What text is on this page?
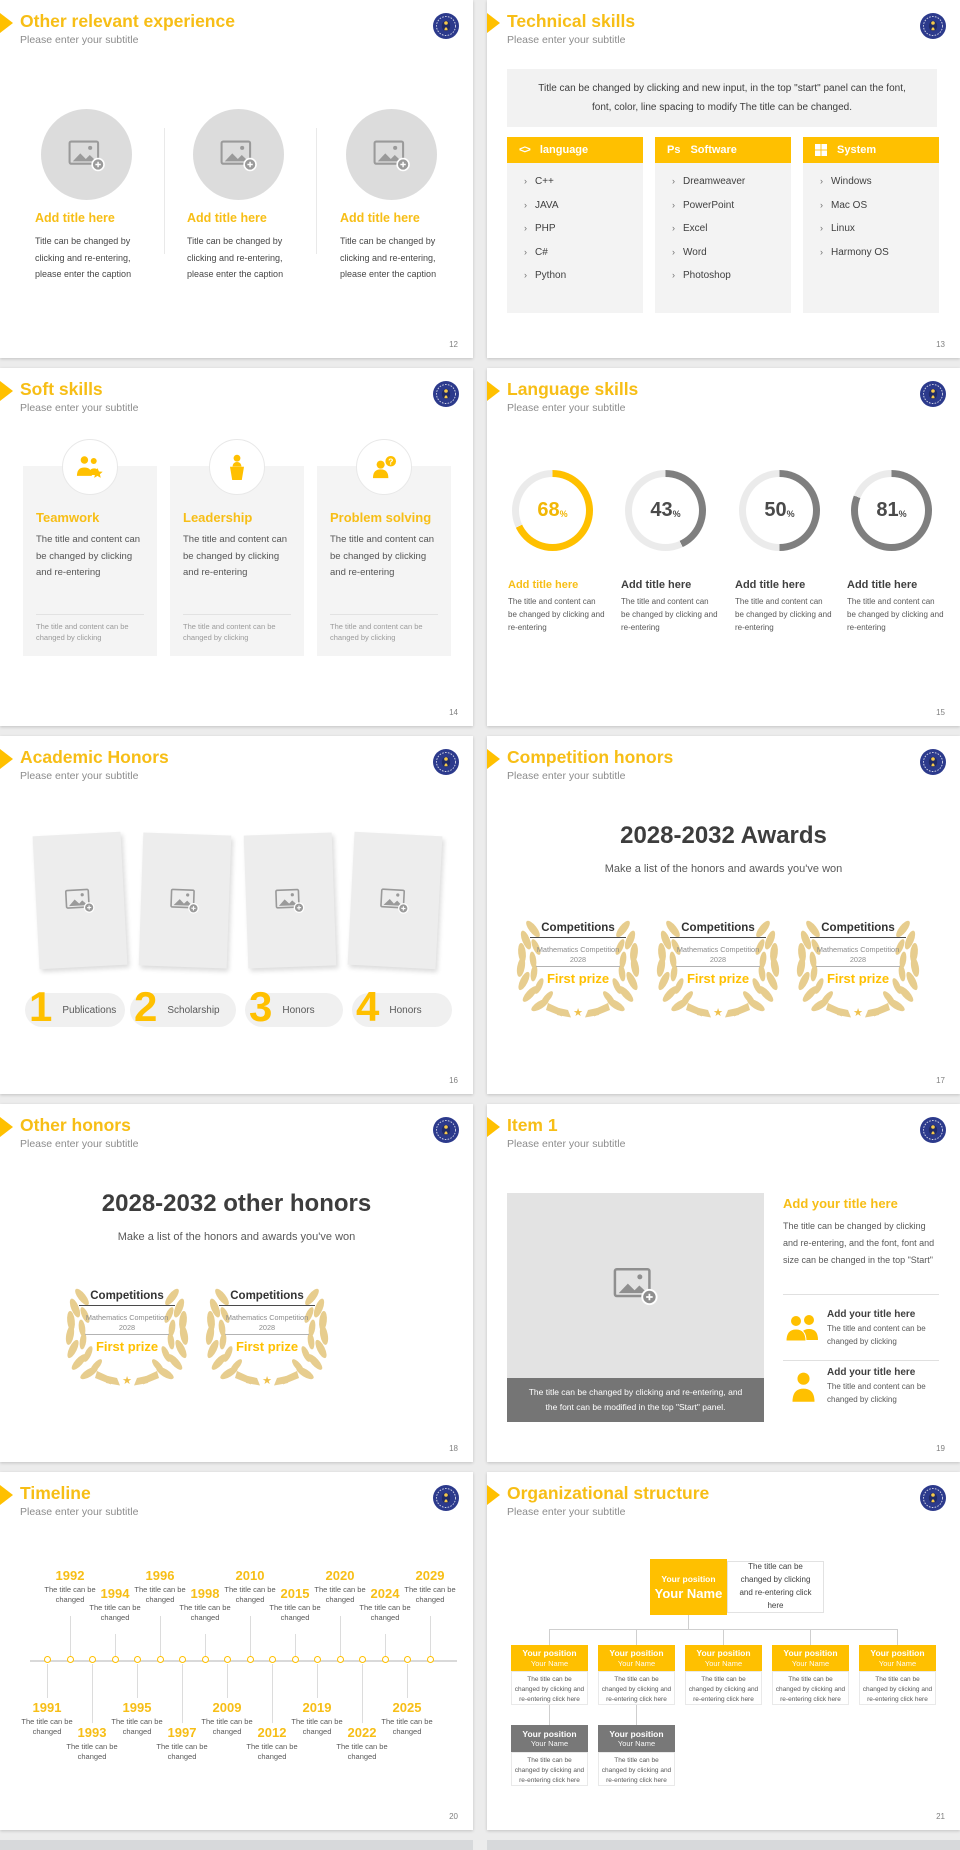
Other relevant experience
Please enter your subtitle
Add title here	Add title here	Add title here
Title can be changed by clicking and re-entering, please enter the caption
Title can be changed by clicking and re-entering, please enter the caption
Title can be changed by clicking and re-entering, please enter the caption
12
Technical skills
Please enter your subtitle
Title can be changed by clicking and new input, in the top "start" panel can the font, font, color, line spacing to modify The title can be changed.
<> language
› C++
› JAVA
› PHP
› C#
› Python
Ps Software
› Dreamweaver
› PowerPoint
› Excel
› Word
› Photoshop
System
› Windows
› Mac OS
› Linux
› Harmony OS
13
Soft skills
Please enter your subtitle
Teamwork
The title and content can be changed by clicking and re-entering
The title and content can be changed by clicking
Leadership
The title and content can be changed by clicking and re-entering
The title and content can be changed by clicking
Problem solving
The title and content can be changed by clicking and re-entering
The title and content can be changed by clicking
14
Language skills
Please enter your subtitle
68 %	43 %	50 %	81 %
Add title here
The title and content can be changed by clicking and re-entering
Add title here
The title and content can be changed by clicking and re-entering
Add title here
The title and content can be changed by clicking and re-entering
Add title here
The title and content can be changed by clicking and re-entering
15
Academic Honors
Please enter your subtitle
1 Publications 2 Scholarship 3 Honors 4 Honors
16
Competition honors
Please enter your subtitle
2028-2032 Awards
Make a list of the honors and awards you've won
Competitions
Mathematics Competition
2028
First prize
Competitions
Mathematics Competition
2028
First prize
Competitions
Mathematics Competition
2028
First prize
17
Other honors
Please enter your subtitle
2028-2032 other honors
Make a list of the honors and awards you've won
Competitions
Mathematics Competition
2028
First prize
Competitions
Mathematics Competition
2028
First prize
18
Item 1
Please enter your subtitle
The title can be changed by clicking and re-entering, and the font can be modified in the top "Start" panel.
Add your title here
The title can be changed by clicking and re-entering, and the font, font and size can be changed in the top "Start"
Add your title here
The title and content can be changed by clicking
Add your title here
The title and content can be changed by clicking
19
Timeline
Please enter your subtitle
1991
The title can be changed
1992
The title can be changed
1993
The title can be changed
1994
The title can be changed
1995
The title can be changed
1996
The title can be changed
1997
The title can be changed
1998
The title can be changed
2009
The title can be changed
2010
The title can be changed
2012
The title can be changed
2015
The title can be changed
2019
The title can be changed
2020
The title can be changed
2022
The title can be changed
2024
The title can be changed
2025
The title can be changed
2029
The title can be changed
20
Organizational structure
Please enter your subtitle
Your position
Your Name
The title can be changed by clicking and re-entering click here
Your position
Your Name
Your position
Your Name
Your position
Your Name
Your position
Your Name
Your position
Your Name
The title can be changed by clicking and re-entering click here
The title can be changed by clicking and re-entering click here
The title can be changed by clicking and re-entering click here
The title can be changed by clicking and re-entering click here
The title can be changed by clicking and re-entering click here
Your position
Your Name
Your position
Your Name
The title can be changed by clicking and re-entering click here
The title can be changed by clicking and re-entering click here
21
